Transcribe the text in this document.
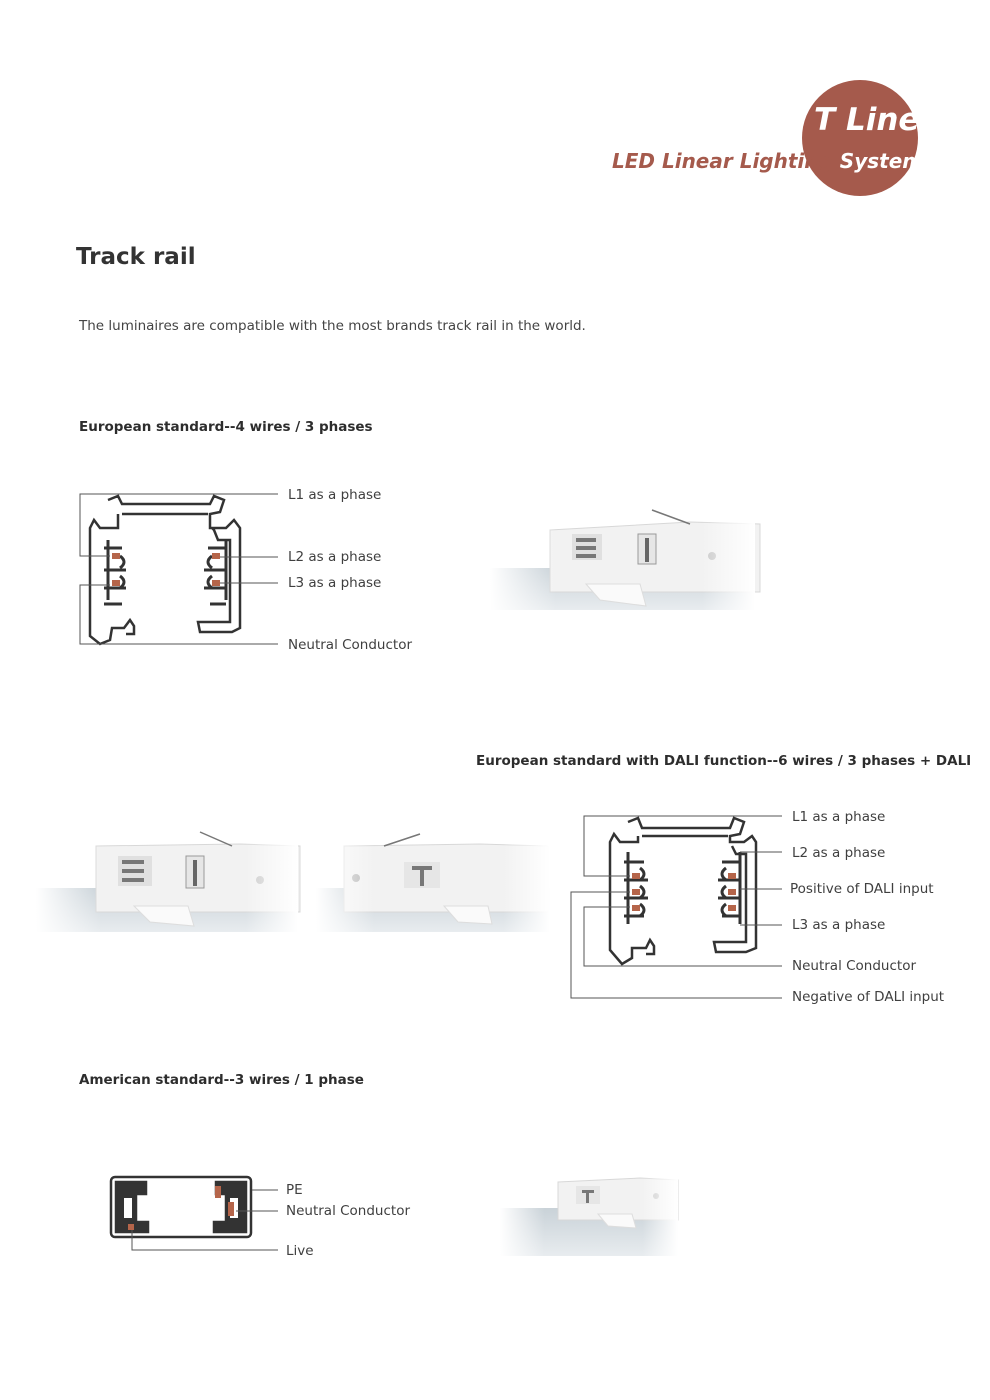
T Line
LED Linear Lighting System
Track rail
The luminaires are compatible with the most brands track rail in the world.
European standard--4 wires / 3 phases
European standard with DALI function--6 wires / 3 phases + DALI
American standard--3 wires / 1 phase
L1 as a phase
L2 as a phase
L3 as a phase
Neutral Conductor
L1 as a phase
L2 as a phase
Positive of DALI input
L3 as a phase
Neutral Conductor
Negative of DALI input
PE
Neutral Conductor
Live
